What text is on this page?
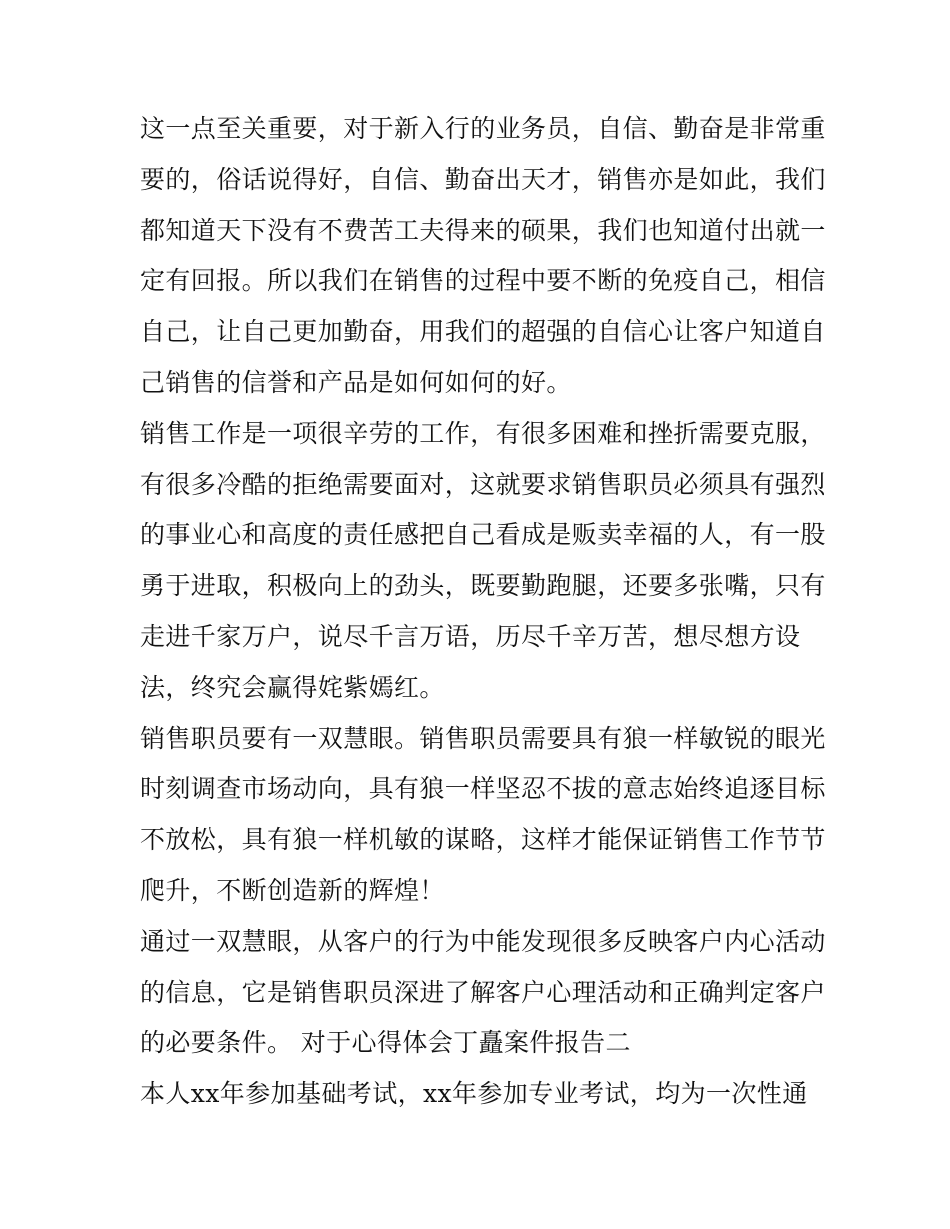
这一点至关重要，对于新入行的业务员，自信、勤奋是非常重
要的，俗话说得好，自信、勤奋出天才，销售亦是如此，我们
都知道天下没有不费苦工夫得来的硕果，我们也知道付出就一
定有回报。所以我们在销售的过程中要不断的免疫自己，相信
自己，让自己更加勤奋，用我们的超强的自信心让客户知道自
己销售的信誉和产品是如何如何的好。
销售工作是一项很辛劳的工作，有很多困难和挫折需要克服，
有很多冷酷的拒绝需要面对，这就要求销售职员必须具有强烈
的事业心和高度的责任感把自己看成是贩卖幸福的人，有一股
勇于进取，积极向上的劲头，既要勤跑腿，还要多张嘴，只有
走进千家万户，说尽千言万语，历尽千辛万苦，想尽想方设
法，终究会赢得姹紫嫣红。
销售职员要有一双慧眼。销售职员需要具有狼一样敏锐的眼光
时刻调查市场动向，具有狼一样坚忍不拔的意志始终追逐目标
不放松，具有狼一样机敏的谋略，这样才能保证销售工作节节
爬升，不断创造新的辉煌！
通过一双慧眼，从客户的行为中能发现很多反映客户内心活动
的信息，它是销售职员深进了解客户心理活动和正确判定客户
的必要条件。 对于心得体会丁矗案件报告二
本人xx年参加基础考试，xx年参加专业考试，均为一次性通
